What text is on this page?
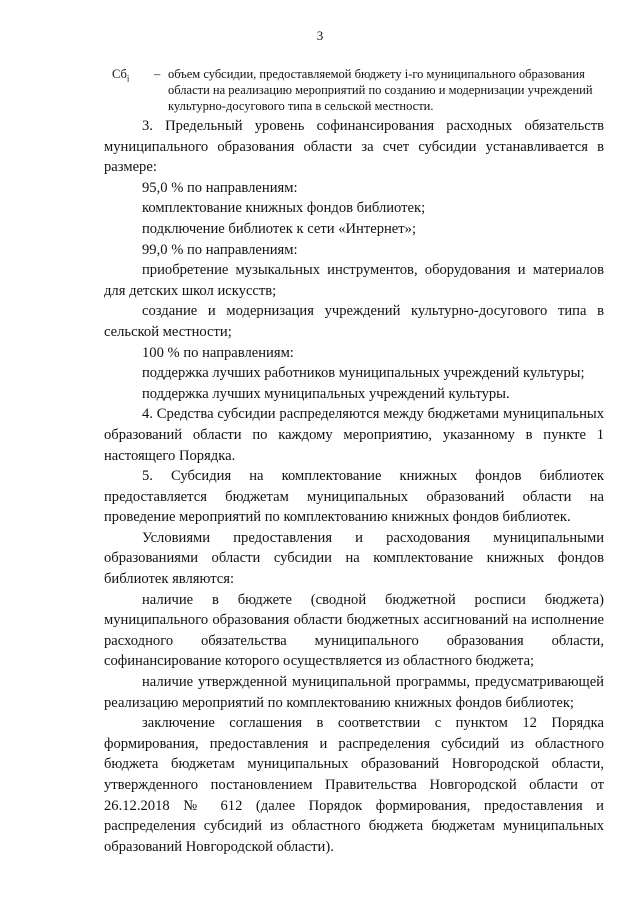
3
$Сб_i$	– объем субсидии, предоставляемой бюджету i-го муниципального образования области на реализацию мероприятий по созданию и модернизации учреждений культурно-досугового типа в сельской местности.

3. Предельный уровень софинансирования расходных обязательств муниципального образования области за счет субсидии устанавливается в размере:

95,0 % по направлениям:

комплектование книжных фондов библиотек;

подключение библиотек к сети «Интернет»;

99,0 % по направлениям:

приобретение музыкальных инструментов, оборудования и материалов для детских школ искусств;

создание и модернизация учреждений культурно-досугового типа в сельской местности;

100 % по направлениям:

поддержка лучших работников муниципальных учреждений культуры;

поддержка лучших муниципальных учреждений культуры.

4. Средства субсидии распределяются между бюджетами муниципальных образований области по каждому мероприятию, указанному в пункте 1 настоящего Порядка.

5. Субсидия на комплектование книжных фондов библиотек предоставляется бюджетам муниципальных образований области на проведение мероприятий по комплектованию книжных фондов библиотек.

Условиями предоставления и расходования муниципальными образованиями области субсидии на комплектование книжных фондов библиотек являются:

наличие в бюджете (сводной бюджетной росписи бюджета) муниципального образования области бюджетных ассигнований на исполнение расходного обязательства муниципального образования области, софинансирование которого осуществляется из областного бюджета;

наличие утвержденной муниципальной программы, предусматривающей реализацию мероприятий по комплектованию книжных фондов библиотек;

заключение соглашения в соответствии с пунктом 12 Порядка формирования, предоставления и распределения субсидий из областного бюджета бюджетам муниципальных образований Новгородской области, утвержденного постановлением Правительства Новгородской области от 26.12.2018 № 612 (далее Порядок формирования, предоставления и распределения субсидий из областного бюджета бюджетам муниципальных образований Новгородской области).
